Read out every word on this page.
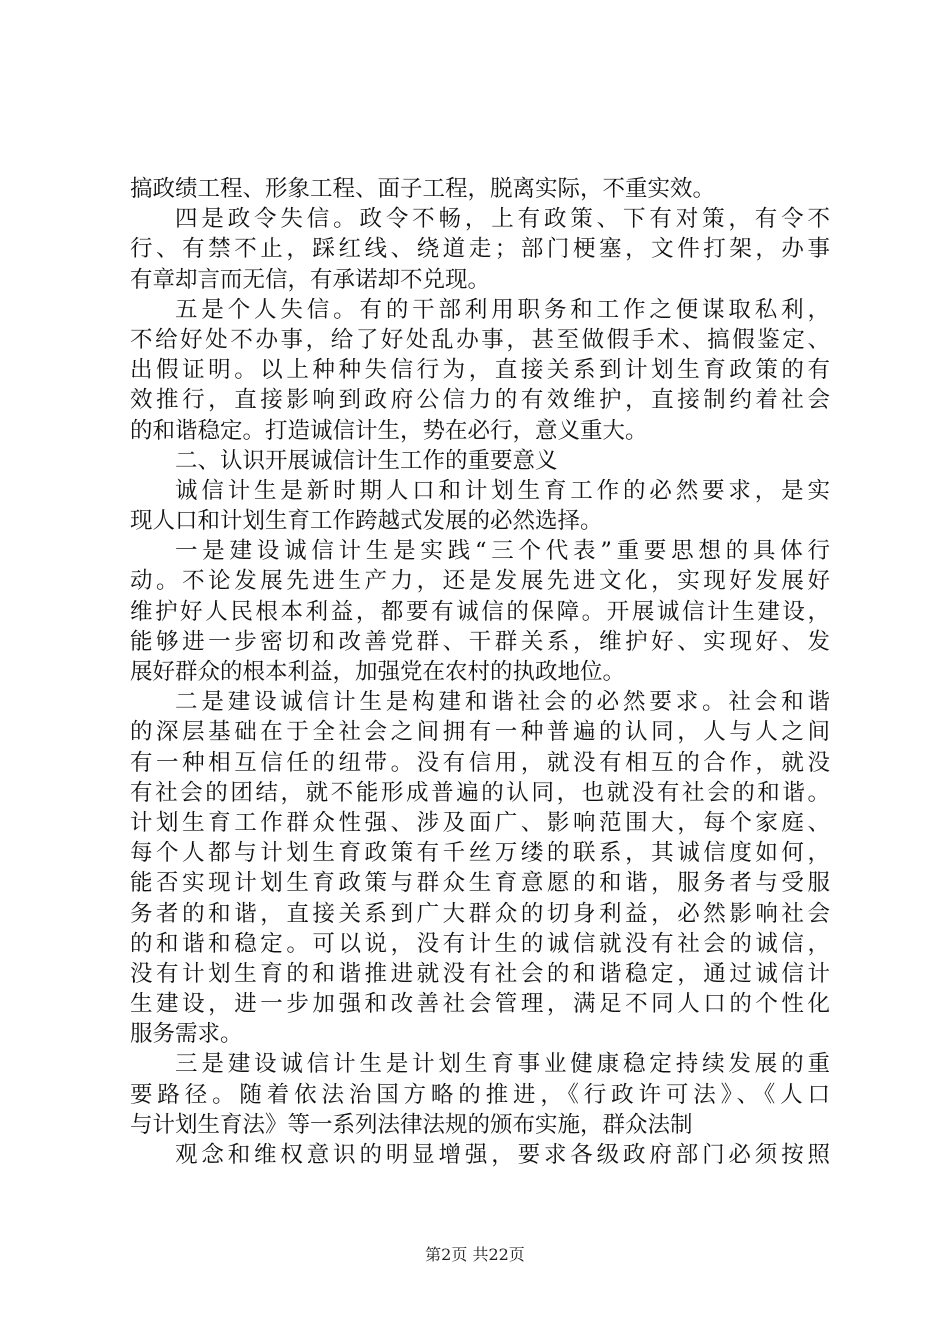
搞政绩工程、形象工程、面子工程，脱离实际，不重实效。
四是政令失信。政令不畅，上有政策、下有对策，有令不
行、有禁不止，踩红线、绕道走；部门梗塞，文件打架，办事
有章却言而无信，有承诺却不兑现。
五是个人失信。有的干部利用职务和工作之便谋取私利，
不给好处不办事，给了好处乱办事，甚至做假手术、搞假鉴定、
出假证明。以上种种失信行为，直接关系到计划生育政策的有
效推行，直接影响到政府公信力的有效维护，直接制约着社会
的和谐稳定。打造诚信计生，势在必行，意义重大。
二、认识开展诚信计生工作的重要意义
诚信计生是新时期人口和计划生育工作的必然要求，是实
现人口和计划生育工作跨越式发展的必然选择。
一是建设诚信计生是实践“三个代表”重要思想的具体行
动。不论发展先进生产力，还是发展先进文化，实现好发展好
维护好人民根本利益，都要有诚信的保障。开展诚信计生建设，
能够进一步密切和改善党群、干群关系，维护好、实现好、发
展好群众的根本利益，加强党在农村的执政地位。
二是建设诚信计生是构建和谐社会的必然要求。社会和谐
的深层基础在于全社会之间拥有一种普遍的认同，人与人之间
有一种相互信任的纽带。没有信用，就没有相互的合作，就没
有社会的团结，就不能形成普遍的认同，也就没有社会的和谐。
计划生育工作群众性强、涉及面广、影响范围大，每个家庭、
每个人都与计划生育政策有千丝万缕的联系，其诚信度如何，
能否实现计划生育政策与群众生育意愿的和谐，服务者与受服
务者的和谐，直接关系到广大群众的切身利益，必然影响社会
的和谐和稳定。可以说，没有计生的诚信就没有社会的诚信，
没有计划生育的和谐推进就没有社会的和谐稳定，通过诚信计
生建设，进一步加强和改善社会管理，满足不同人口的个性化
服务需求。
三是建设诚信计生是计划生育事业健康稳定持续发展的重
要路径。随着依法治国方略的推进，《行政许可法》、《人口
与计划生育法》等一系列法律法规的颁布实施，群众法制
观念和维权意识的明显增强，要求各级政府部门必须按照
第2页 共22页
